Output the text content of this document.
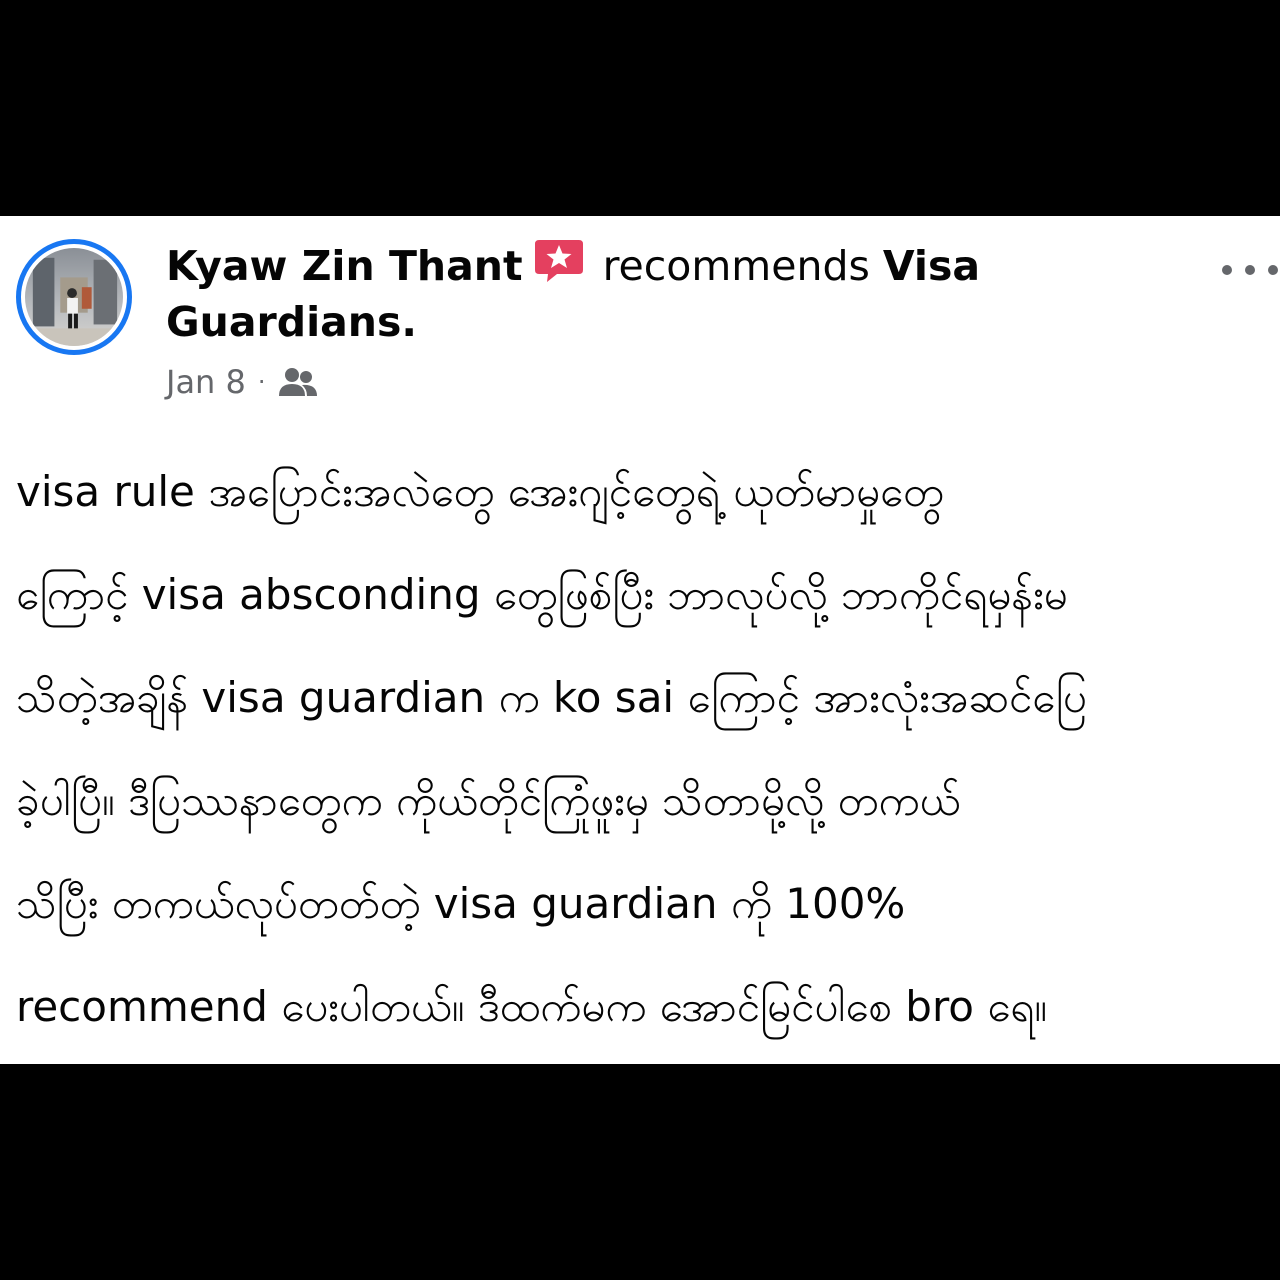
Kyaw Zin Thant recommends Visa Guardians.
Jan 8 ·
visa rule အပြောင်းအလဲတွေ အေးဂျင့်တွေရဲ့ ယုတ်မာမှုတွေ
ကြောင့် visa absconding တွေဖြစ်ပြီး ဘာလုပ်လို့ ဘာကိုင်ရမှန်းမ
သိတဲ့အချိန် visa guardian က ko sai ကြောင့် အားလုံးအဆင်ပြေ
ခဲ့ပါပြီ။ ဒီပြဿနာတွေက ကိုယ်တိုင်ကြုံဖူးမှ သိတာမို့လို့ တကယ်
သိပြီး တကယ်လုပ်တတ်တဲ့ visa guardian ကို 100%
recommend ပေးပါတယ်။ ဒီထက်မက အောင်မြင်ပါစေ bro ရေ။
